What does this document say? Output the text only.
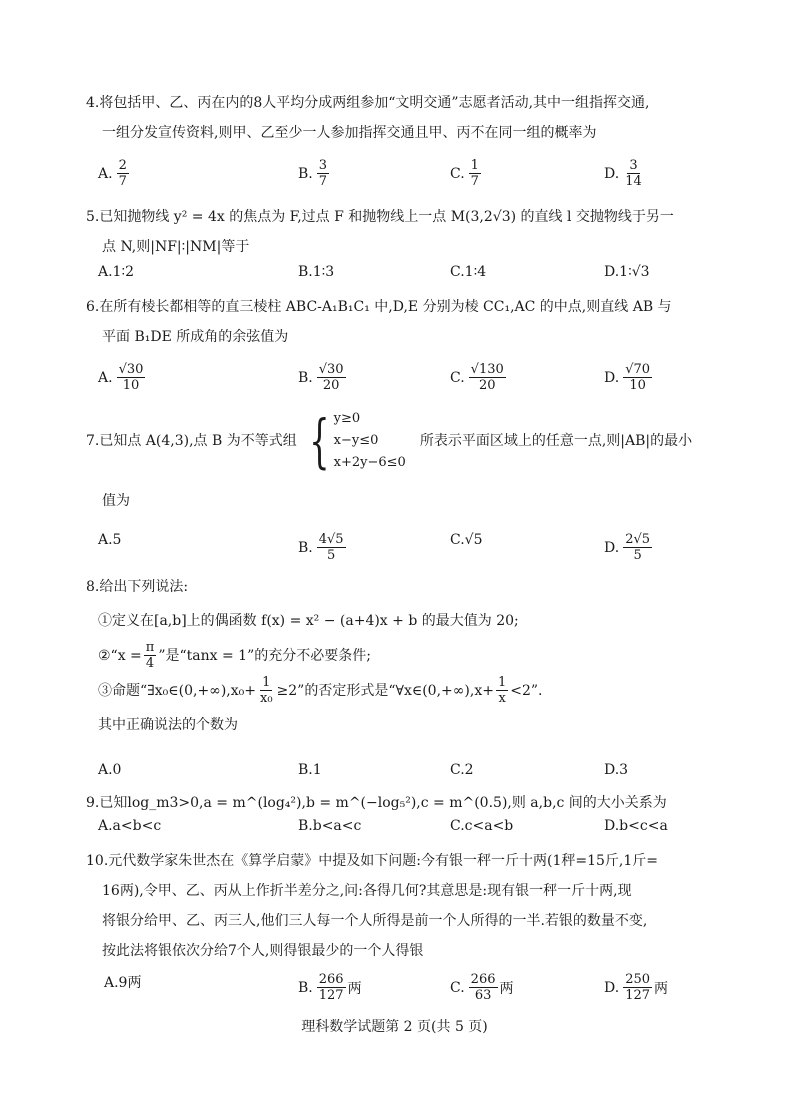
4.将包括甲、乙、丙在内的8人平均分成两组参加“文明交通”志愿者活动,其中一组指挥交通,
一组分发宣传资料,则甲、乙至少一人参加指挥交通且甲、丙不在同一组的概率为
A. $\frac{2}{7}$	B. $\frac{3}{7}$	C. $\frac{1}{7}$	D. $\frac{3}{14}$
5.已知抛物线 y² = 4x 的焦点为 F,过点 F 和抛物线上一点 M(3,2√3) 的直线 l 交抛物线于另一
点 N,则|NF|∶|NM|等于
A.1∶2	B.1∶3	C.1∶4	D.1∶√3
6.在所有棱长都相等的直三棱柱 ABC-A₁B₁C₁ 中,D,E 分别为棱 CC₁,AC 的中点,则直线 AB 与
平面 B₁DE 所成角的余弦值为
A. $\frac{√30}{10}$	B. $\frac{√30}{20}$	C. $\frac{√130}{20}$	D. $\frac{√70}{10}$
7.已知点 A(4,3),点 B 为不等式组 { y≥0
x−y≤0
x+2y−6≤0
所表示平面区域上的任意一点,则|AB|的最小
值为
A.5	B. $\frac{4√5}{5}$	C.√5	D. $\frac{2√5}{5}$
8.给出下列说法:
①定义在[a,b]上的偶函数 f(x) = x² − (a+4)x + b 的最大值为 20;
②“x = $\frac{\pi}{4}$ ”是“tanx = 1”的充分不必要条件;
③命题“∃x₀∈(0,+∞),x₀+ $\frac{1}{\text{x₀}} \ge 2$”的否定形式是“∀x∈(0,+∞),x+ $\frac{1}{x} <2$”.
其中正确说法的个数为
A.0	B.1	C.2	D.3
9.已知log_m3>0,a = m^(log₄²),b = m^(−log₅²),c = m^(0.5),则 a,b,c 间的大小关系为
A.a<b<c	B.b<a<c	C.c<a<b	D.b<c<a
10.元代数学家朱世杰在《算学启蒙》中提及如下问题:今有银一秤一斤十两(1秤=15斤,1斤=
16两),令甲、乙、丙从上作折半差分之,问:各得几何?其意思是:现有银一秤一斤十两,现
将银分给甲、乙、丙三人,他们三人每一个人所得是前一个人所得的一半.若银的数量不变,
按此法将银依次分给7个人,则得银最少的一个人得银
A.9两	B. $\frac{266}{127}$ 两	C. $\frac{266}{63}$ 两	D. $\frac{250}{127}$ 两
理科数学试题第 2 页(共 5 页)
